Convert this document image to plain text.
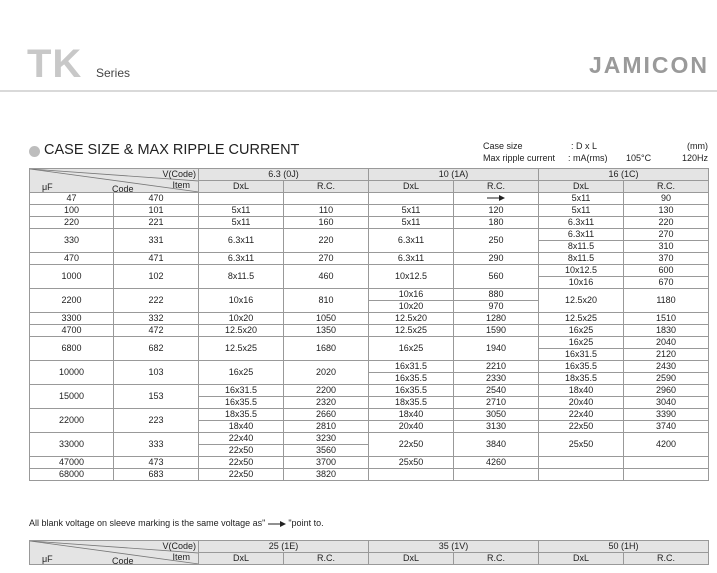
TK Series	JAMICON
CASE SIZE & MAX RIPPLE CURRENT	Case size	: D x L	(mm)
Max ripple current : mA(rms) 105°C	120Hz
V(Code)
Item
μF Code		6.3 (0J)		10 (1A)		16 (1C)	
		DxL	R.C.	DxL	R.C.	DxL	R.C.
47	470					5x11	90
100	101	5x11	110	5x11	120	5x11	130
220	221	5x11	160	5x11	180	6.3x11	220
330	331	6.3x11	220	6.3x11	250	6.3x11	270
						8x11.5	310
470	471	6.3x11	270	6.3x11	290	8x11.5	370
1000	102	8x11.5	460	10x12.5	560	10x12.5	600
						10x16	670
2200	222	10x16	810	10x16	880	12.5x20	1180
				10x20	970		
3300	332	10x20	1050	12.5x20	1280	12.5x25	1510
4700	472	12.5x20	1350	12.5x25	1590	16x25	1830
6800	682	12.5x25	1680	16x25	1940	16x25	2040
						16x31.5	2120
10000	103	16x25	2020	16x31.5	2210	16x35.5	2430
				16x35.5	2330	18x35.5	2590
15000	153	16x31.5	2200	16x35.5	2540	18x40	2960
		16x35.5	2320	18x35.5	2710	20x40	3040
22000	223	18x35.5	2660	18x40	3050	22x40	3390
		18x40	2810	20x40	3130	22x50	3740
33000	333	22x40	3230	22x50	3840	25x50	4200
		22x50	3560				
47000	473	22x50	3700	25x50	4260		
68000	683	22x50	3820				
All blank voltage on sleeve marking is the same voltage as"	"point to.
V(Code)
Item
μF Code	25 (1E)		35 (1V)		50 (1H)	
	DxL	R.C.	DxL	R.C.	DxL	R.C.
